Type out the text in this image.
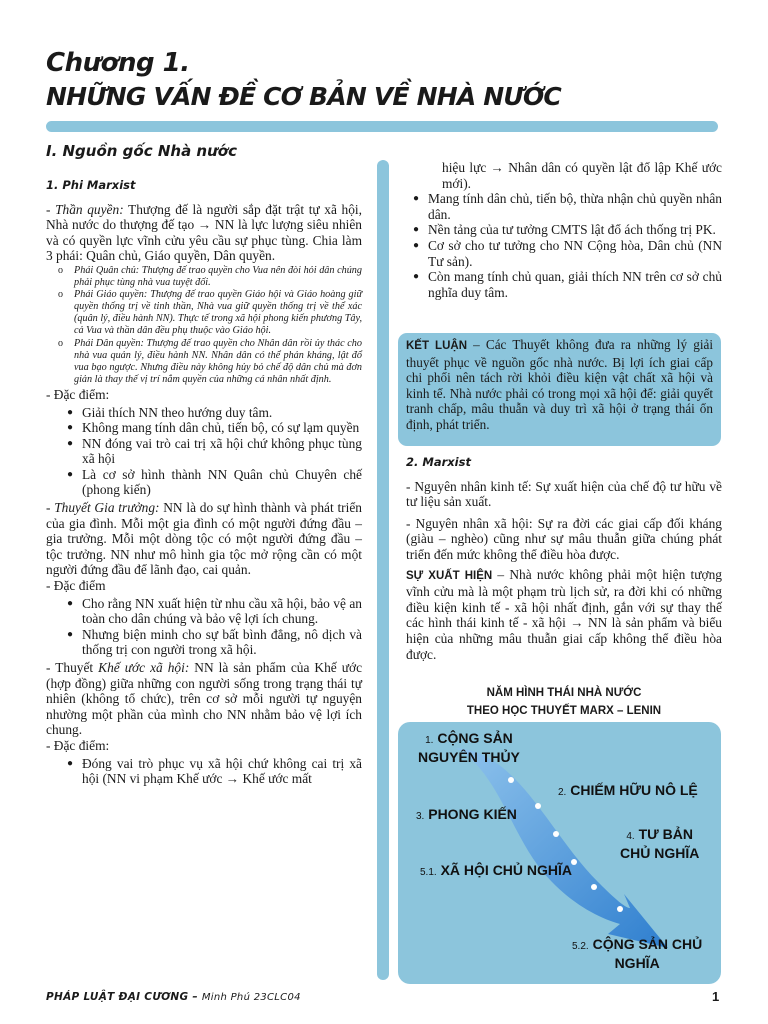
Chương 1.
NHỮNG VẤN ĐỀ CƠ BẢN VỀ NHÀ NƯỚC
I. Nguồn gốc Nhà nước
1. Phi Marxist

- Thần quyền: Thượng đế là người sắp đặt trật tự xã hội, Nhà nước do thượng đế tạo → NN là lực lượng siêu nhiên và có quyền lực vĩnh cửu yêu cầu sự phục tùng. Chia làm 3 phái: Quân chủ, Giáo quyền, Dân quyền.

o Phái Quân chủ: Thượng đế trao quyền cho Vua nên đòi hỏi dân chúng phải phục tùng nhà vua tuyệt đối.
o Phái Giáo quyền: Thượng đế trao quyền Giáo hội và Giáo hoàng giữ quyền thống trị về tinh thần, Nhà vua giữ quyền thống trị về thể xác (quân lý, điều hành NN). Thực tế trong xã hội phong kiến phương Tây, cả Vua và thần dân đều phụ thuộc vào Giáo hội.
o Phái Dân quyền: Thượng đế trao quyền cho Nhân dân rồi ủy thác cho nhà vua quản lý, điều hành NN. Nhân dân có thể phản kháng, lật đổ vua bạo ngược. Nhưng điều này không hủy bỏ chế độ dân chủ mà đơn giản là thay thế vị trí nắm quyền của những cá nhân nhất định.

- Đặc điểm:

● Giải thích NN theo hướng duy tâm.
● Không mang tính dân chủ, tiến bộ, có sự lạm quyền
● NN đóng vai trò cai trị xã hội chứ không phục tùng xã hội
● Là cơ sở hình thành NN Quân chủ Chuyên chế (phong kiến)

- Thuyết Gia trưởng: NN là do sự hình thành và phát triển của gia đình. Mỗi một gia đình có một người đứng đầu – gia trưởng. Mỗi một dòng tộc có một người đứng đầu – tộc trưởng. NN như mô hình gia tộc mở rộng cần có một người đứng đầu để lãnh đạo, cai quản.

- Đặc điểm

● Cho rằng NN xuất hiện từ nhu cầu xã hội, bảo vệ an toàn cho dân chúng và bảo vệ lợi ích chung.
● Nhưng biện minh cho sự bất bình đẳng, nô dịch và thống trị con người trong xã hội.

- Thuyết Khế ước xã hội: NN là sản phẩm của Khế ước (hợp đồng) giữa những con người sống trong trạng thái tự nhiên (không tổ chức), trên cơ sở mỗi người tự nguyện nhường một phần của mình cho NN nhằm bảo vệ lợi ích chung.

- Đặc điểm:

● Đóng vai trò phục vụ xã hội chứ không cai trị xã hội (NN vi phạm Khế ước → Khế ước mất

hiệu lực → Nhân dân có quyền lật đổ lập Khế ước mới).

● Mang tính dân chủ, tiến bộ, thừa nhận chủ quyền nhân dân.
● Nền tảng của tư tưởng CMTS lật đổ ách thống trị PK.
● Cơ sở cho tư tưởng cho NN Cộng hòa, Dân chủ (NN Tư sản).
● Còn mang tính chủ quan, giải thích NN trên cơ sở chủ nghĩa duy tâm.
KẾT LUẬN – Các Thuyết không đưa ra những lý giải thuyết phục về nguồn gốc nhà nước. Bị lợi ích giai cấp chi phối nên tách rời khỏi điều kiện vật chất xã hội và kinh tế. Nhà nước phải có trong mọi xã hội để: giải quyết tranh chấp, mâu thuẫn và duy trì xã hội ở trạng thái ổn định, phát triển.
2. Marxist

- Nguyên nhân kinh tế: Sự xuất hiện của chế độ tư hữu về tư liệu sản xuất.

- Nguyên nhân xã hội: Sự ra đời các giai cấp đối kháng (giàu – nghèo) cũng như sự mâu thuẫn giữa chúng phát triển đến mức không thể điều hòa được.

SỰ XUẤT HIỆN – Nhà nước không phải một hiện tượng vĩnh cửu mà là một phạm trù lịch sử, ra đời khi có những điều kiện kinh tế - xã hội nhất định, gắn với sự thay thế các hình thái kinh tế - xã hội → NN là sản phẩm và biểu hiện của những mâu thuẫn giai cấp không thể điều hòa được.

NĂM HÌNH THÁI NHÀ NƯỚC
THEO HỌC THUYẾT MARX – LENIN
1. CỘNG SẢN
NGUYÊN THỦY
2. CHIẾM HỮU NÔ LỆ
3. PHONG KIẾN
4. TƯ BẢN
CHỦ NGHĨA
5.1. XÃ HỘI CHỦ NGHĨA
5.2. CỘNG SẢN CHỦ
NGHĨA
PHÁP LUẬT ĐẠI CƯƠNG – Minh Phú 23CLC04	1
